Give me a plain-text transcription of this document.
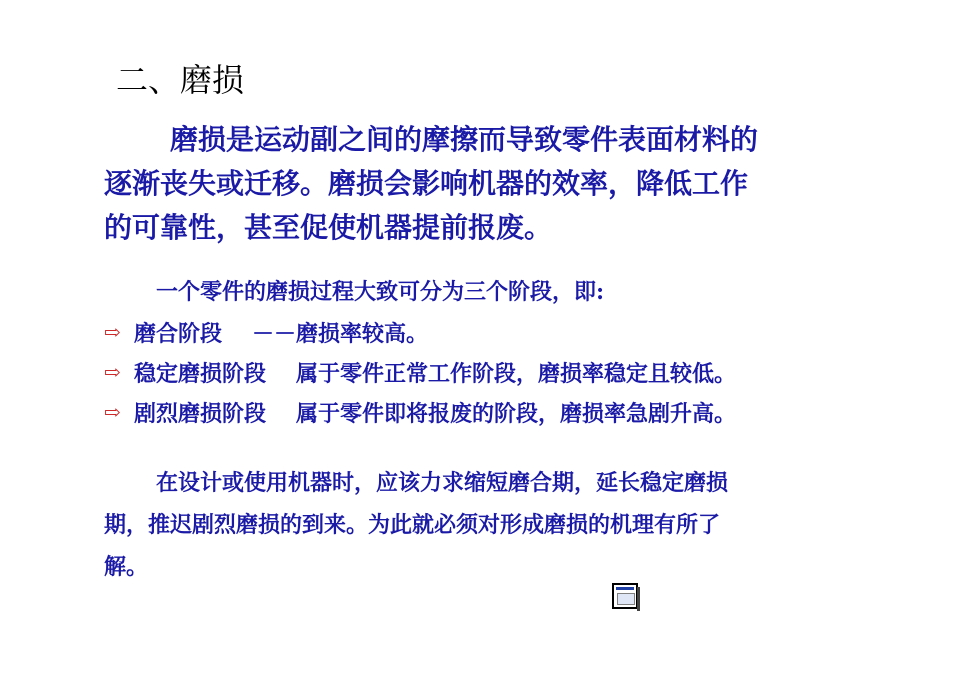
二、磨损
磨损是运动副之间的摩擦而导致零件表面材料的
逐渐丧失或迁移。磨损会影响机器的效率，降低工作
的可靠性，甚至促使机器提前报废。
一个零件的磨损过程大致可分为三个阶段，即:
⇨ 磨合阶段 －－磨损率较高。
⇨ 稳定磨损阶段 属于零件正常工作阶段，磨损率稳定且较低。
⇨ 剧烈磨损阶段 属于零件即将报废的阶段，磨损率急剧升高。
在设计或使用机器时，应该力求缩短磨合期，延长稳定磨损
期，推迟剧烈磨损的到来。为此就必须对形成磨损的机理有所了
解。
